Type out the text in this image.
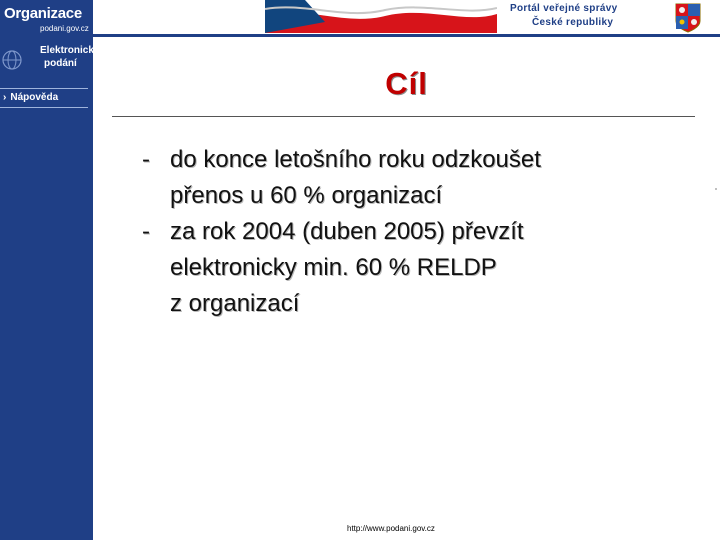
Organizace
podani.gov.cz
Portál veřejné správy
České republiky
Elektronická
podání
› Nápověda	Cíl
- do konce letošního roku odzkoušet
přenos u 60 % organizací
- za rok 2004 (duben 2005) převzít
elektronicky min. 60 % RELDP
z organizací
http://www.podani.gov.cz
